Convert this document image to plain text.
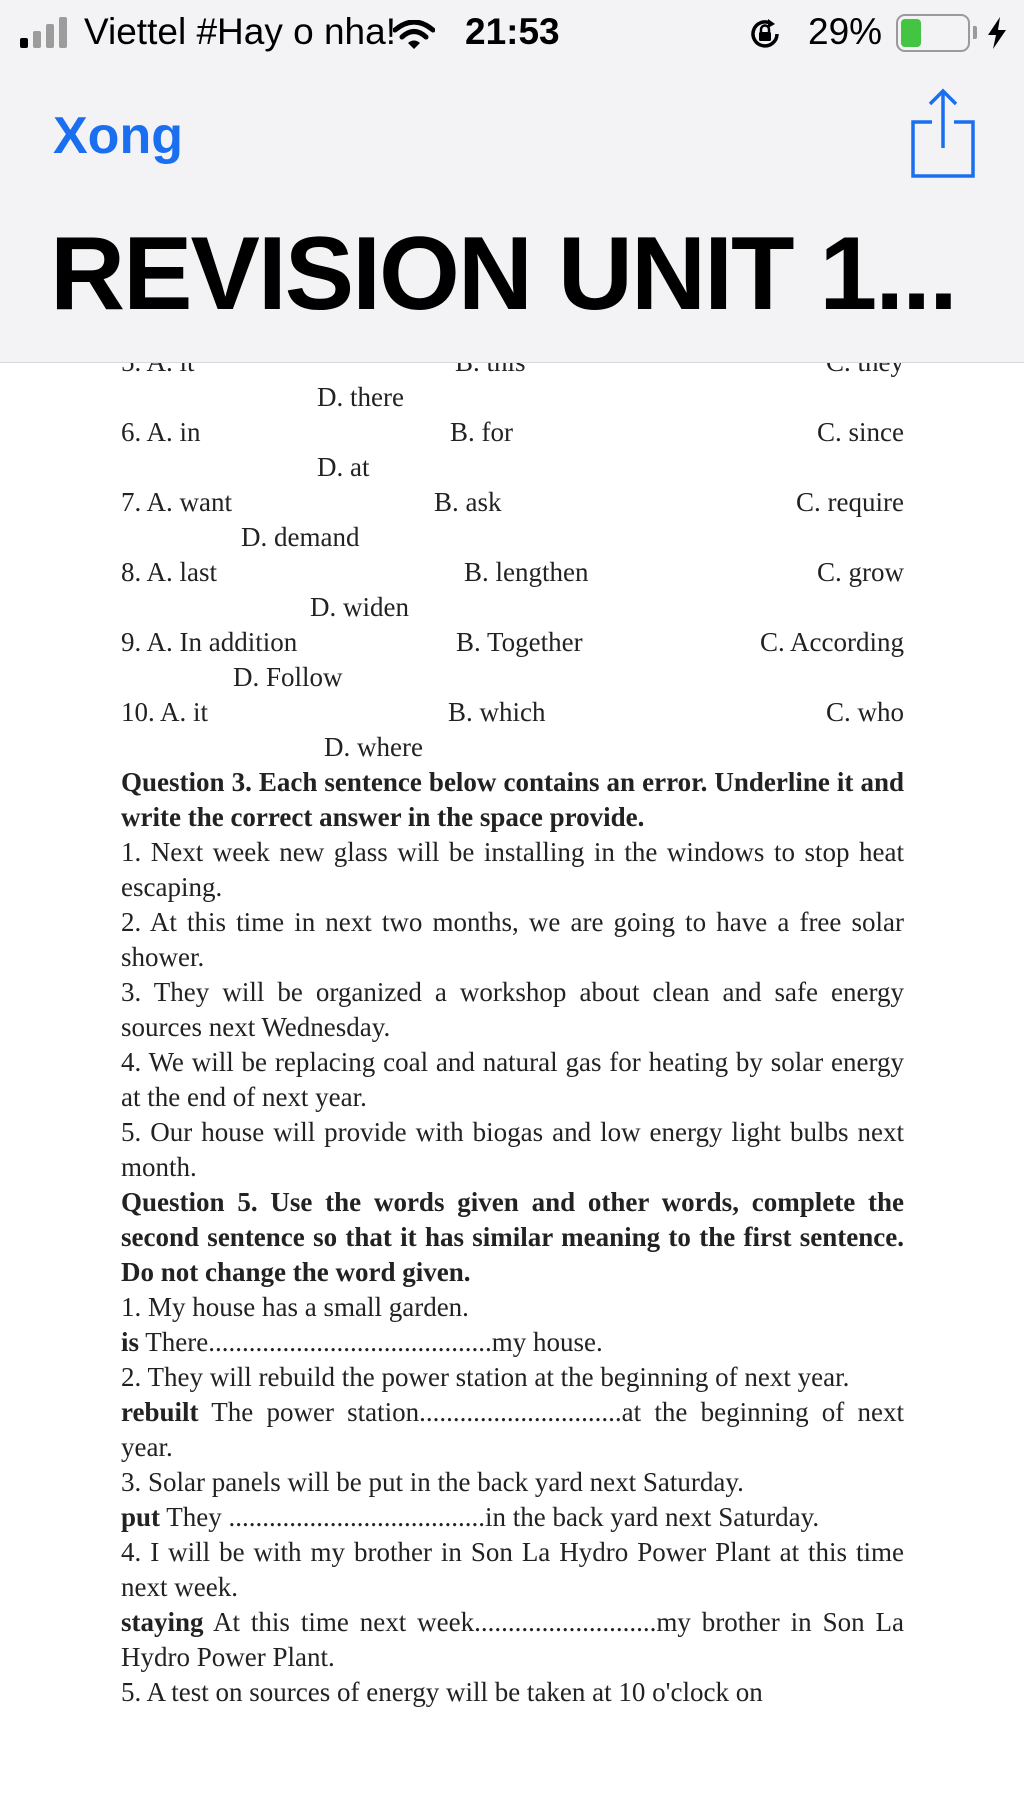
Viettel #Hay o nha! 21:53	29%
Xong
REVISION UNIT 1...
D. there
6. A. in	B. for	C. since
D. at
7. A. want	B. ask	C. require
D. demand
8. A. last	B. lengthen	C. grow
D. widen
9. A. In addition	B. Together	C. According
D. Follow
10. A. it	B. which	C. who
D. where
Question 3. Each sentence below contains an error. Underline it and write the correct answer in the space provide.
1. Next week new glass will be installing in the windows to stop heat escaping.
2. At this time in next two months, we are going to have a free solar shower.
3. They will be organized a workshop about clean and safe energy sources next Wednesday.
4. We will be replacing coal and natural gas for heating by solar energy at the end of next year.
5. Our house will provide with biogas and low energy light bulbs next month.
Question 5. Use the words given and other words, complete the second sentence so that it has similar meaning to the first sentence. Do not change the word given.
1. My house has a small garden.
is There..........................................my house.
2. They will rebuild the power station at the beginning of next year.
rebuilt The power station..............................at the beginning of next year.
3. Solar panels will be put in the back yard next Saturday.
put They ......................................in the back yard next Saturday.
4. I will be with my brother in Son La Hydro Power Plant at this time next week.
staying At this time next week...........................my brother in Son La Hydro Power Plant.
5. A test on sources of energy will be taken at 10 o'clock on
